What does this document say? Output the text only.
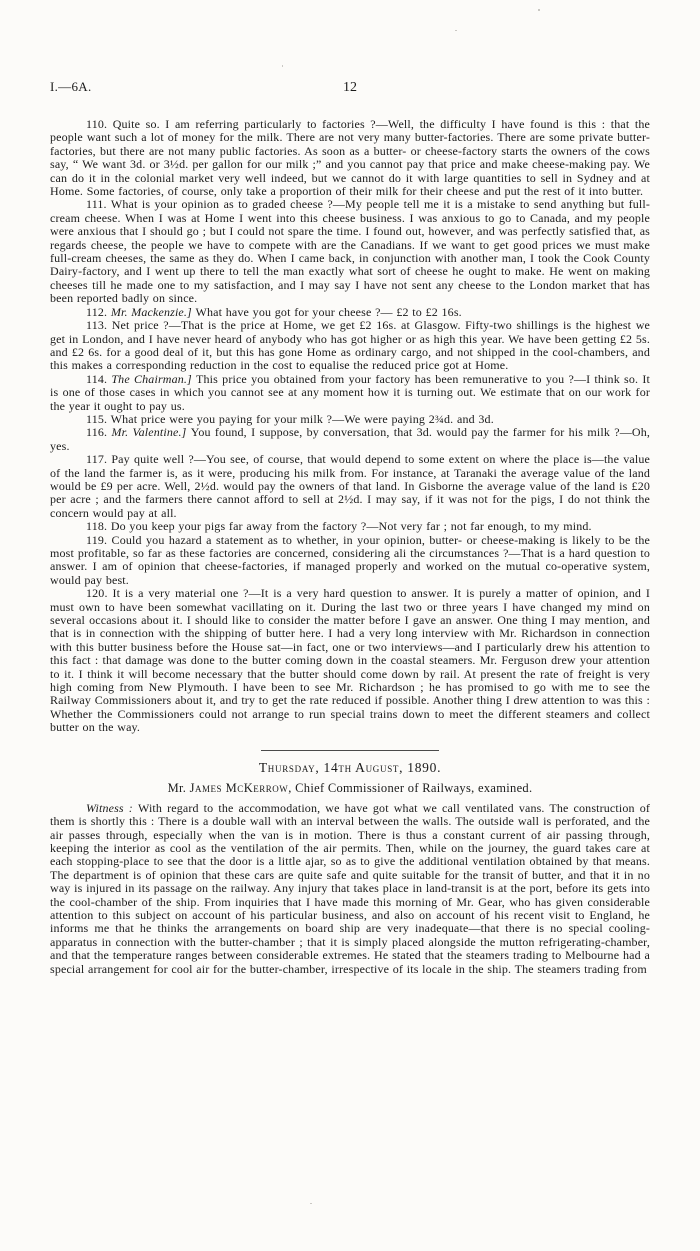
I.—6A.	12

110. Quite so. I am referring particularly to factories ?—Well, the difficulty I have found is this : that the people want such a lot of money for the milk. There are not very many butter-factories. There are some private butter-factories, but there are not many public factories. As soon as a butter- or cheese-factory starts the owners of the cows say, “ We want 3d. or 3½d. per gallon for our milk ;” and you cannot pay that price and make cheese-making pay. We can do it in the colonial market very well indeed, but we cannot do it with large quantities to sell in Sydney and at Home. Some factories, of course, only take a proportion of their milk for their cheese and put the rest of it into butter.

111. What is your opinion as to graded cheese ?—My people tell me it is a mistake to send anything but full-cream cheese. When I was at Home I went into this cheese business. I was anxious to go to Canada, and my people were anxious that I should go ; but I could not spare the time. I found out, however, and was perfectly satisfied that, as regards cheese, the people we have to compete with are the Canadians. If we want to get good prices we must make full-cream cheeses, the same as they do. When I came back, in conjunction with another man, I took the Cook County Dairy-factory, and I went up there to tell the man exactly what sort of cheese he ought to make. He went on making cheeses till he made one to my satisfaction, and I may say I have not sent any cheese to the London market that has been reported badly on since.

112. Mr. Mackenzie.] What have you got for your cheese ?— £2 to £2 16s.

113. Net price ?—That is the price at Home, we get £2 16s. at Glasgow. Fifty-two shillings is the highest we get in London, and I have never heard of anybody who has got higher or as high this year. We have been getting £2 5s. and £2 6s. for a good deal of it, but this has gone Home as ordinary cargo, and not shipped in the cool-chambers, and this makes a corresponding reduction in the cost to equalise the reduced price got at Home.

114. The Chairman.] This price you obtained from your factory has been remunerative to you ?—I think so. It is one of those cases in which you cannot see at any moment how it is turning out. We estimate that on our work for the year it ought to pay us.

115. What price were you paying for your milk ?—We were paying 2¾d. and 3d.

116. Mr. Valentine.] You found, I suppose, by conversation, that 3d. would pay the farmer for his milk ?—Oh, yes.

117. Pay quite well ?—You see, of course, that would depend to some extent on where the place is—the value of the land the farmer is, as it were, producing his milk from. For instance, at Taranaki the average value of the land would be £9 per acre. Well, 2½d. would pay the owners of that land. In Gisborne the average value of the land is £20 per acre ; and the farmers there cannot afford to sell at 2½d. I may say, if it was not for the pigs, I do not think the concern would pay at all.

118. Do you keep your pigs far away from the factory ?—Not very far ; not far enough, to my mind.

119. Could you hazard a statement as to whether, in your opinion, butter- or cheese-making is likely to be the most profitable, so far as these factories are concerned, considering ali the circumstances ?—That is a hard question to answer. I am of opinion that cheese-factories, if managed properly and worked on the mutual co-operative system, would pay best.

120. It is a very material one ?—It is a very hard question to answer. It is purely a matter of opinion, and I must own to have been somewhat vacillating on it. During the last two or three years I have changed my mind on several occasions about it. I should like to consider the matter before I gave an answer. One thing I may mention, and that is in connection with the shipping of butter here. I had a very long interview with Mr. Richardson in connection with this butter business before the House sat—in fact, one or two interviews—and I particularly drew his attention to this fact : that damage was done to the butter coming down in the coastal steamers. Mr. Ferguson drew your attention to it. I think it will become necessary that the butter should come down by rail. At present the rate of freight is very high coming from New Plymouth. I have been to see Mr. Richardson ; he has promised to go with me to see the Railway Commissioners about it, and try to get the rate reduced if possible. Another thing I drew attention to was this : Whether the Commissioners could not arrange to run special trains down to meet the different steamers and collect butter on the way.

Thursday, 14th August, 1890.

Mr. James McKerrow, Chief Commissioner of Railways, examined.

Witness : With regard to the accommodation, we have got what we call ventilated vans. The construction of them is shortly this : There is a double wall with an interval between the walls. The outside wall is perforated, and the air passes through, especially when the van is in motion. There is thus a constant current of air passing through, keeping the interior as cool as the ventilation of the air permits. Then, while on the journey, the guard takes care at each stopping-place to see that the door is a little ajar, so as to give the additional ventilation obtained by that means. The department is of opinion that these cars are quite safe and quite suitable for the transit of butter, and that it in no way is injured in its passage on the railway. Any injury that takes place in land-transit is at the port, before its gets into the cool-chamber of the ship. From inquiries that I have made this morning of Mr. Gear, who has given considerable attention to this subject on account of his particular business, and also on account of his recent visit to England, he informs me that he thinks the arrangements on board ship are very inadequate—that there is no special cooling-apparatus in connection with the butter-chamber ; that it is simply placed alongside the mutton refrigerating-chamber, and that the temperature ranges between considerable extremes. He stated that the steamers trading to Melbourne had a special arrangement for cool air for the butter-chamber, irrespective of its locale in the ship. The steamers trading from
